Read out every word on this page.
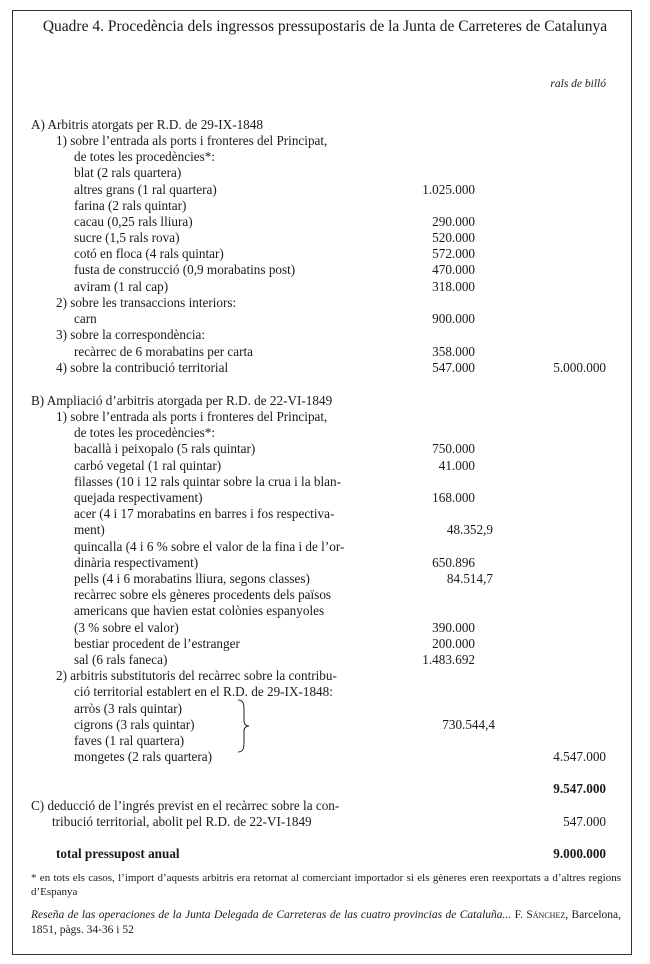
Quadre 4. Procedència dels ingressos pressupostaris de la Junta de Carreteres de Catalunya
rals de billó
A) Arbitris atorgats per R.D. de 29-IX-1848
1) sobre l’entrada als ports i fronteres del Principat,
de totes les procedències*:
blat (2 rals quartera)
altres grans (1 ral quartera)	1.025.000
farina (2 rals quintar)
cacau (0,25 rals lliura)	290.000
sucre (1,5 rals rova)	520.000
cotó en floca (4 rals quintar)	572.000
fusta de construcció (0,9 morabatins post)	470.000
aviram (1 ral cap)	318.000
2) sobre les transaccions interiors:
carn	900.000
3) sobre la correspondència:
recàrrec de 6 morabatins per carta	358.000
4) sobre la contribució territorial	547.000	5.000.000
B) Ampliació d’arbitris atorgada per R.D. de 22-VI-1849
1) sobre l’entrada als ports i fronteres del Principat,
de totes les procedències*:
bacallà i peixopalo (5 rals quintar)	750.000
carbó vegetal (1 ral quintar)	41.000
filasses (10 i 12 rals quintar sobre la crua i la blan-
quejada respectivament)	168.000
acer (4 i 17 morabatins en barres i fos respectiva-
ment)	48.352,9
quincalla (4 i 6 % sobre el valor de la fina i de l’or-
dinària respectivament)	650.896
pells (4 i 6 morabatins lliura, segons classes)	84.514,7
recàrrec sobre els gèneres procedents dels països
americans que havien estat colònies espanyoles
(3 % sobre el valor)	390.000
bestiar procedent de l’estranger	200.000
sal (6 rals faneca)	1.483.692
2) arbitris substitutoris del recàrrec sobre la contribu-
ció territorial establert en el R.D. de 29-IX-1848:
arròs (3 rals quintar)
cigrons (3 rals quintar)	730.544,4
faves (1 ral quartera)
mongetes (2 rals quartera)	4.547.000
9.547.000
C) deducció de l’ingrés previst en el recàrrec sobre la con-
tribució territorial, abolit pel R.D. de 22-VI-1849	547.000
total pressupost anual	9.000.000
* en tots els casos, l’import d’aquests arbitris era retornat al comerciant importador si els gèneres eren reexportats a d’altres regions d’Espanya
Reseña de las operaciones de la Junta Delegada de Carreteras de las cuatro provincias de Cataluña... F. Sánchez, Barcelona, 1851, pàgs. 34-36 i 52
